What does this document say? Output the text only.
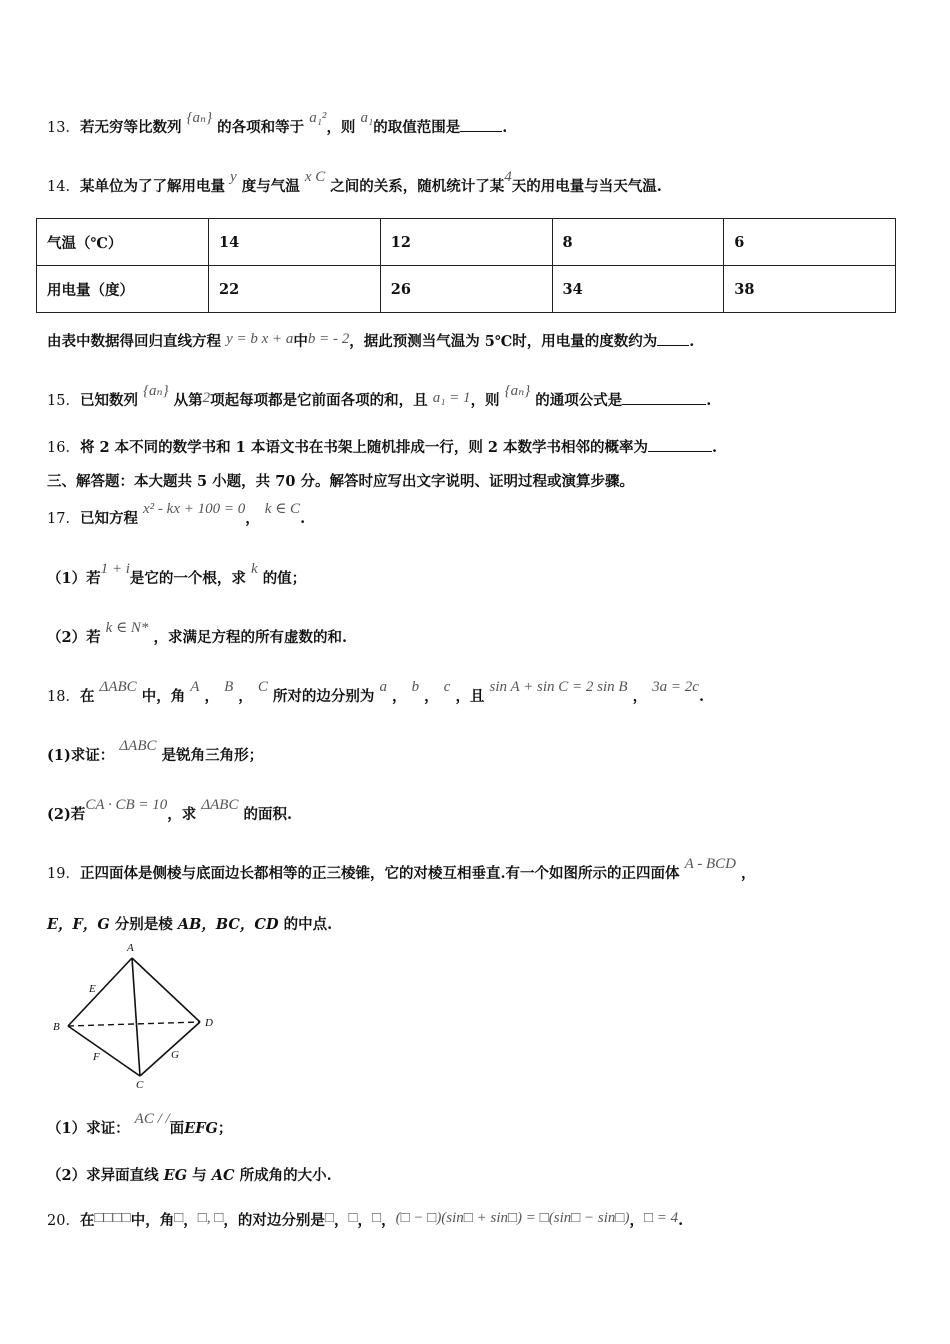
13．若无穷等比数列 {aₙ} 的各项和等于 a₁²，则 a₁的取值范围是	.
14．某单位为了了解用电量 y 度与气温 x C 之间的关系，随机统计了某4天的用电量与当天气温.
气温（℃）	14	12	8	6
用电量（度）	22	26	34	38
由表中数据得回归直线方程 y = b x + a中b = - 2，据此预测当气温为 5℃时，用电量的度数约为 .
15．已知数列 {aₙ} 从第2项起每项都是它前面各项的和，且 a₁ = 1，则 {aₙ} 的通项公式是	.
16．将 2 本不同的数学书和 1 本语文书在书架上随机排成一行，则 2 本数学书相邻的概率为	.
三、解答题：本大题共 5 小题，共 70 分。解答时应写出文字说明、证明过程或演算步骤。
17．已知方程 x² - kx + 100 = 0， k ∈ C.
（1）若1 + i是它的一个根，求 k 的值；
（2）若 k ∈ N* ，求满足方程的所有虚数的和.
18．在 ΔABC 中，角 A ， B ， C 所对的边分别为 a ， b ， c ，且 sin A + sin C = 2 sin B ， 3a = 2c.
(1)求证： ΔABC 是锐角三角形；
(2)若CA · CB = 10，求 ΔABC 的面积.
19．正四面体是侧棱与底面边长都相等的正三棱锥，它的对棱互相垂直.有一个如图所示的正四面体 A - BCD ，
E，F，G 分别是棱 AB，BC，CD 的中点.
A
B
C
D
E
F	G
（1）求证： AC / /面EFG；
（2）求异面直线 EG 与 AC 所成角的大小.
20．在□□□□中，角□，□, □，的对边分别是□，□，□，(□ − □)(sin□ + sin□) = □(sin□ − sin□)，□ = 4.
